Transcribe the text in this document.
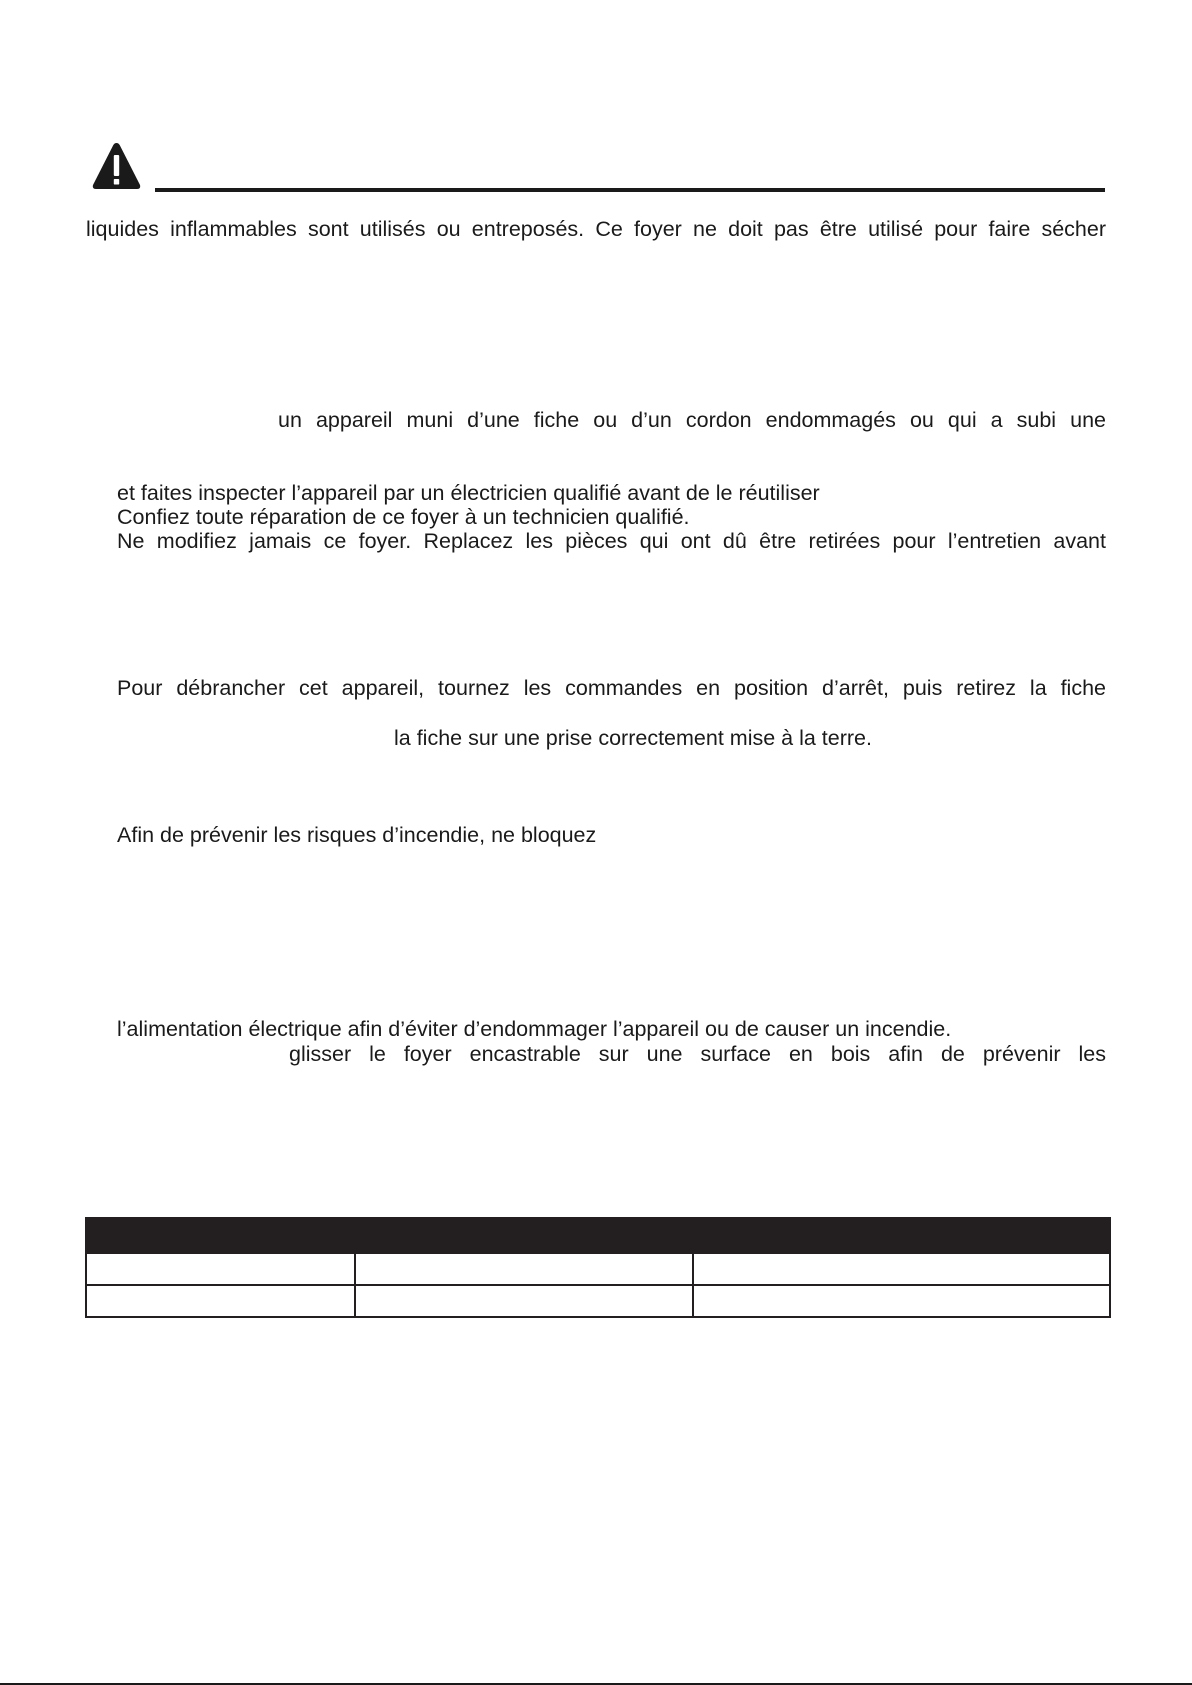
liquides inflammables sont utilisés ou entreposés. Ce foyer ne doit pas être utilisé pour faire sécher

un appareil muni d’une fiche ou d’un cordon endommagés ou qui a subi une

et faites inspecter l’appareil par un électricien qualifié avant de le réutiliser

Confiez toute réparation de ce foyer à un technicien qualifié.

Ne modifiez jamais ce foyer. Replacez les pièces qui ont dû être retirées pour l’entretien avant

Pour débrancher cet appareil, tournez les commandes en position d’arrêt, puis retirez la fiche

la fiche sur une prise correctement mise à la terre.

Afin de prévenir les risques d’incendie, ne bloquez

l’alimentation électrique afin d’éviter d’endommager l’appareil ou de causer un incendie.

glisser le foyer encastrable sur une surface en bois afin de prévenir les
